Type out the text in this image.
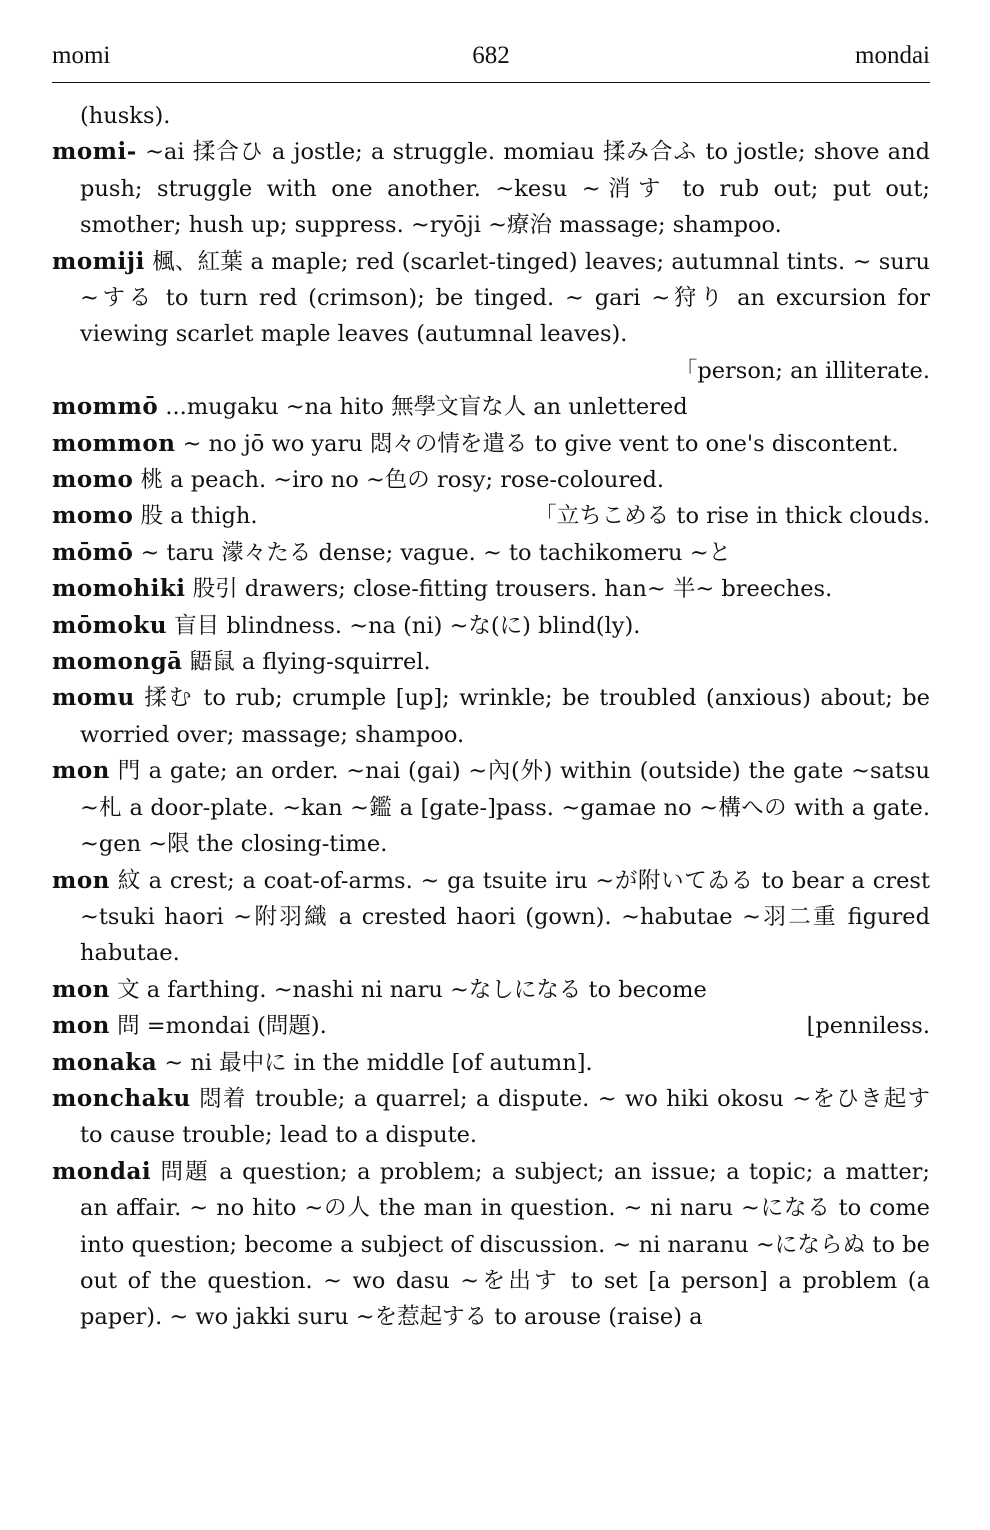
momi	682	mondai
(husks).
momi- ~ai 揉合ひ a jostle; a struggle. momiau 揉み合ふ to jostle; shove and push; struggle with one another. ~kesu ~消す to rub out; put out; smother; hush up; suppress. ~ryōji ~療治 massage; shampoo.
momiji 楓、紅葉 a maple; red (scarlet-tinged) leaves; autumnal tints. ~ suru ~する to turn red (crimson); be tinged. ~ gari ~狩り an excursion for viewing scarlet maple leaves (autumnal leaves).
「person; an illiterate.
mommō ...mugaku ~na hito 無學文盲な人 an unlettered
mommon ~ no jō wo yaru 悶々の情を遣る to give vent to one's discontent.
momo 桃 a peach. ~iro no ~色の rosy; rose-coloured.
momo 股 a thigh.	「立ちこめる to rise in thick clouds.
mōmō ~ taru 濛々たる dense; vague. ~ to tachikomeru ~と
momohiki 股引 drawers; close-fitting trousers. han~ 半~ breeches.
mōmoku 盲目 blindness. ~na (ni) ~な(に) blind(ly).
momongā 鼯鼠 a flying-squirrel.
momu 揉む to rub; crumple [up]; wrinkle; be troubled (anxious) about; be worried over; massage; shampoo.
mon 門 a gate; an order. ~nai (gai) ~內(外) within (outside) the gate ~satsu ~札 a door-plate. ~kan ~鑑 a [gate-]pass. ~gamae no ~構への with a gate. ~gen ~限 the closing-time.
mon 紋 a crest; a coat-of-arms. ~ ga tsuite iru ~が附いてゐる to bear a crest ~tsuki haori ~附羽織 a crested haori (gown). ~habutae ~羽二重 figured habutae.
mon 文 a farthing. ~nashi ni naru ~なしになる to become
mon 問 =mondai (問題).	⌊penniless.
monaka ~ ni 最中に in the middle [of autumn].
monchaku 悶着 trouble; a quarrel; a dispute. ~ wo hiki okosu ~をひき起す to cause trouble; lead to a dispute.
mondai 問題 a question; a problem; a subject; an issue; a topic; a matter; an affair. ~ no hito ~の人 the man in question. ~ ni naru ~になる to come into question; become a subject of discussion. ~ ni naranu ~にならぬ to be out of the question. ~ wo dasu ~を出す to set [a person] a problem (a paper). ~ wo jakki suru ~を惹起する to arouse (raise) a
